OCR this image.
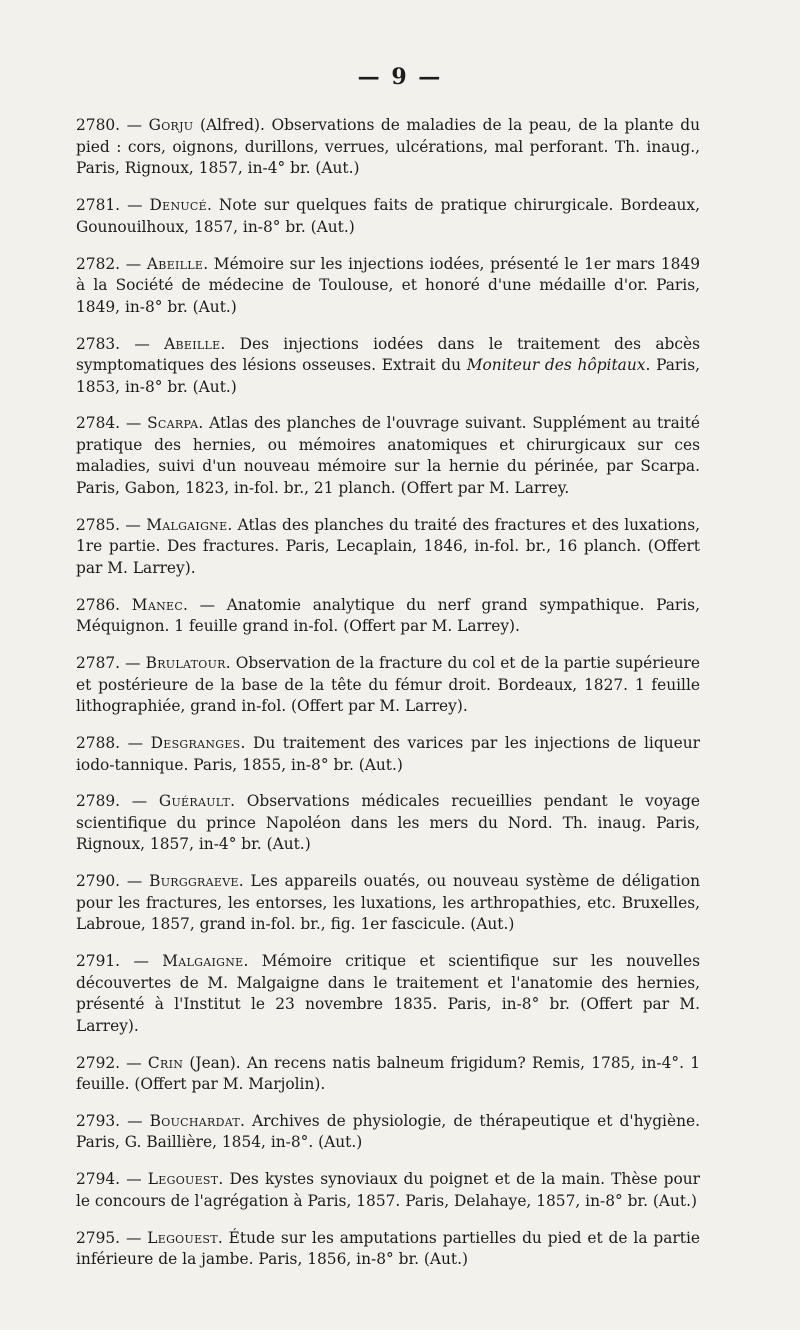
— 9 —

2780. — Gorju (Alfred). Observations de maladies de la peau, de la plante du pied : cors, oignons, durillons, verrues, ulcérations, mal perforant. Th. inaug., Paris, Rignoux, 1857, in-4° br. (Aut.)

2781. — Denucé. Note sur quelques faits de pratique chirurgicale. Bordeaux, Gounouilhoux, 1857, in-8° br. (Aut.)

2782. — Abeille. Mémoire sur les injections iodées, présenté le 1er mars 1849 à la Société de médecine de Toulouse, et honoré d'une médaille d'or. Paris, 1849, in-8° br. (Aut.)

2783. — Abeille. Des injections iodées dans le traitement des abcès symptomatiques des lésions osseuses. Extrait du Moniteur des hôpitaux. Paris, 1853, in-8° br. (Aut.)

2784. — Scarpa. Atlas des planches de l'ouvrage suivant. Supplément au traité pratique des hernies, ou mémoires anatomiques et chirurgicaux sur ces maladies, suivi d'un nouveau mémoire sur la hernie du périnée, par Scarpa. Paris, Gabon, 1823, in-fol. br., 21 planch. (Offert par M. Larrey.

2785. — Malgaigne. Atlas des planches du traité des fractures et des luxations, 1re partie. Des fractures. Paris, Lecaplain, 1846, in-fol. br., 16 planch. (Offert par M. Larrey).

2786. Manec. — Anatomie analytique du nerf grand sympathique. Paris, Méquignon. 1 feuille grand in-fol. (Offert par M. Larrey).

2787. — Brulatour. Observation de la fracture du col et de la partie supérieure et postérieure de la base de la tête du fémur droit. Bordeaux, 1827. 1 feuille lithographiée, grand in-fol. (Offert par M. Larrey).

2788. — Desgranges. Du traitement des varices par les injections de liqueur iodo-tannique. Paris, 1855, in-8° br. (Aut.)

2789. — Guérault. Observations médicales recueillies pendant le voyage scientifique du prince Napoléon dans les mers du Nord. Th. inaug. Paris, Rignoux, 1857, in-4° br. (Aut.)

2790. — Burggraeve. Les appareils ouatés, ou nouveau système de déligation pour les fractures, les entorses, les luxations, les arthropathies, etc. Bruxelles, Labroue, 1857, grand in-fol. br., fig. 1er fascicule. (Aut.)

2791. — Malgaigne. Mémoire critique et scientifique sur les nouvelles découvertes de M. Malgaigne dans le traitement et l'anatomie des hernies, présenté à l'Institut le 23 novembre 1835. Paris, in-8° br. (Offert par M. Larrey).

2792. — Crin (Jean). An recens natis balneum frigidum? Remis, 1785, in-4°. 1 feuille. (Offert par M. Marjolin).

2793. — Bouchardat. Archives de physiologie, de thérapeutique et d'hygiène. Paris, G. Baillière, 1854, in-8°. (Aut.)

2794. — Legouest. Des kystes synoviaux du poignet et de la main. Thèse pour le concours de l'agrégation à Paris, 1857. Paris, Delahaye, 1857, in-8° br. (Aut.)

2795. — Legouest. Étude sur les amputations partielles du pied et de la partie inférieure de la jambe. Paris, 1856, in-8° br. (Aut.)
